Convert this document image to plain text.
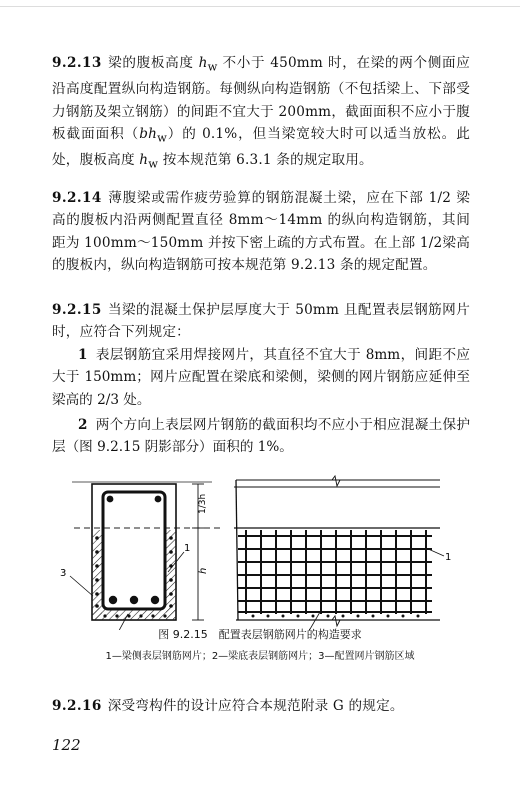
9.2.13 梁的腹板高度 $h_w$ 不小于 450mm 时，在梁的两个侧面应沿高度配置纵向构造钢筋。每侧纵向构造钢筋（不包括梁上、下部受力钢筋及架立钢筋）的间距不宜大于 200mm，截面面积不应小于腹板截面面积$(bh_w)$的 0.1%，但当梁宽较大时可以适当放松。此处，腹板高度 $h_w$ 按本规范第 6.3.1 条的规定取用。
9.2.14 薄腹梁或需作疲劳验算的钢筋混凝土梁，应在下部 1/2 梁高的腹板内沿两侧配置直径 8mm～14mm 的纵向构造钢筋，其间距为 100mm～150mm 并按下密上疏的方式布置。在上部 1/2梁高的腹板内，纵向构造钢筋可按本规范第 9.2.13 条的规定配置。
9.2.15 当梁的混凝土保护层厚度大于 50mm 且配置表层钢筋网片时，应符合下列规定：
1 表层钢筋宜采用焊接网片，其直径不宜大于 8mm，间距不应大于 150mm；网片应配置在梁底和梁侧，梁侧的网片钢筋应延伸至梁高的 2/3 处。
2 两个方向上表层网片钢筋的截面积均不应小于相应混凝土保护层（图 9.2.15 阴影部分）面积的 1%。
1/3h
h
1
3
1
图 9.2.15　配置表层钢筋网片的构造要求
1—梁侧表层钢筋网片；2—梁底表层钢筋网片；3—配置网片钢筋区域
9.2.16 深受弯构件的设计应符合本规范附录 G 的规定。
122
